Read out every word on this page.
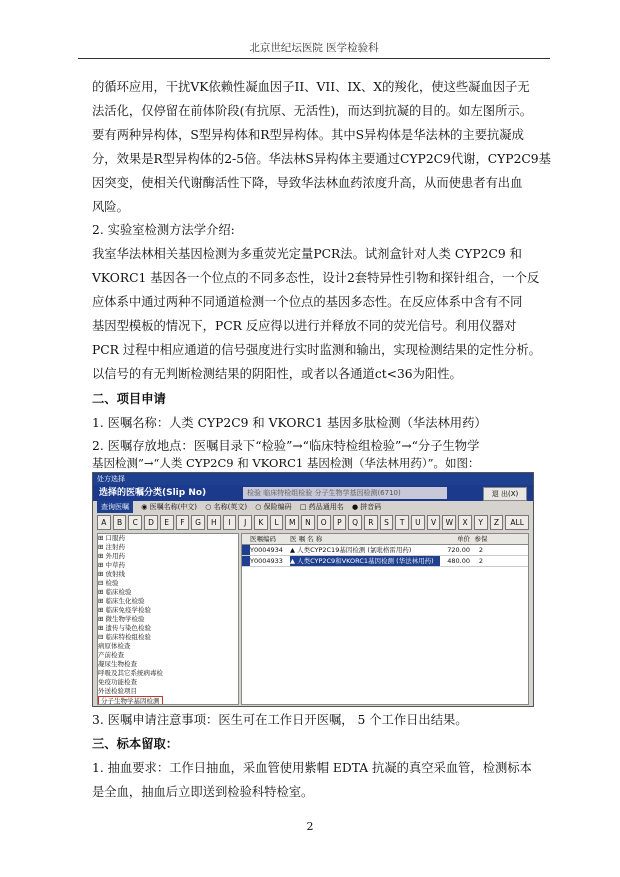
北京世纪坛医院 医学检验科
的循环应用，干扰VK依赖性凝血因子II、VII、IX、X的羧化，使这些凝血因子无
法活化，仅停留在前体阶段(有抗原、无活性)，而达到抗凝的目的。如左图所示。
要有两种异构体，S型异构体和R型异构体。其中S异构体是华法林的主要抗凝成
分，效果是R型异构体的2-5倍。华法林S异构体主要通过CYP2C9代谢，CYP2C9基
因突变，使相关代谢酶活性下降，导致华法林血药浓度升高，从而使患者有出血
风险。
2. 实验室检测方法学介绍:
我室华法林相关基因检测为多重荧光定量PCR法。试剂盒针对人类 CYP2C9 和
VKORC1 基因各一个位点的不同多态性，设计2套特异性引物和探针组合，一个反
应体系中通过两种不同通道检测一个位点的基因多态性。在反应体系中含有不同
基因型模板的情况下，PCR 反应得以进行并释放不同的荧光信号。利用仪器对
PCR 过程中相应通道的信号强度进行实时监测和输出，实现检测结果的定性分析。
以信号的有无判断检测结果的阴阳性，或者以各通道ct<36为阳性。
二、项目申请
1. 医嘱名称：人类 CYP2C9 和 VKORC1 基因多肽检测（华法林用药）
2. 医嘱存放地点：医嘱目录下“检验”→“临床特检组检验”→“分子生物学
基因检测”→“人类 CYP2C9 和 VKORC1 基因检测（华法林用药）”。如图：
处方选择
选择的医嘱分类(Slip No)	检验 临床特检组检验 分子生物学基因检测(6710)	退 出(X)
查询医嘱 ◉ 医嘱名称(中文) ○ 名称(英文) ○ 保险编码 □ 药品通用名 ● 拼音码
A	B	C	D	E	F	G	H	I	J	K	L	M	N	O	P	Q	R	S	T	U	V	W	X	Y	Z	ALL
⊞ 口服药
⊞ 注射药
⊞ 外用药
⊞ 中草药
⊞ 放射线
⊟ 检验
⊞ 临床检验
⊞ 临床生化检验
⊞ 临床免疫学检验
⊞ 微生物学检验
⊞ 遗传与染色检验
⊟ 临床特检组检验
病原体检查
产前检查
凝尿生物检查
呼吸及其它系统病毒检
免疫功能检查
外送检验项目
分子生物学基因检测
医嘱编码	医 嘱 名 称	单价 参保
Y0004934	▲ 人类CYP2C19基因检测 (氯吡格雷用药)	720.00	2
Y0004933	▲ 人类CYP2C9和VKORC1基因检测 (华法林用药)	480.00	2
3. 医嘱申请注意事项：医生可在工作日开医嘱， 5 个工作日出结果。
三、标本留取：
1. 抽血要求：工作日抽血，采血管使用紫帽 EDTA 抗凝的真空采血管，检测标本
是全血，抽血后立即送到检验科特检室。
2
